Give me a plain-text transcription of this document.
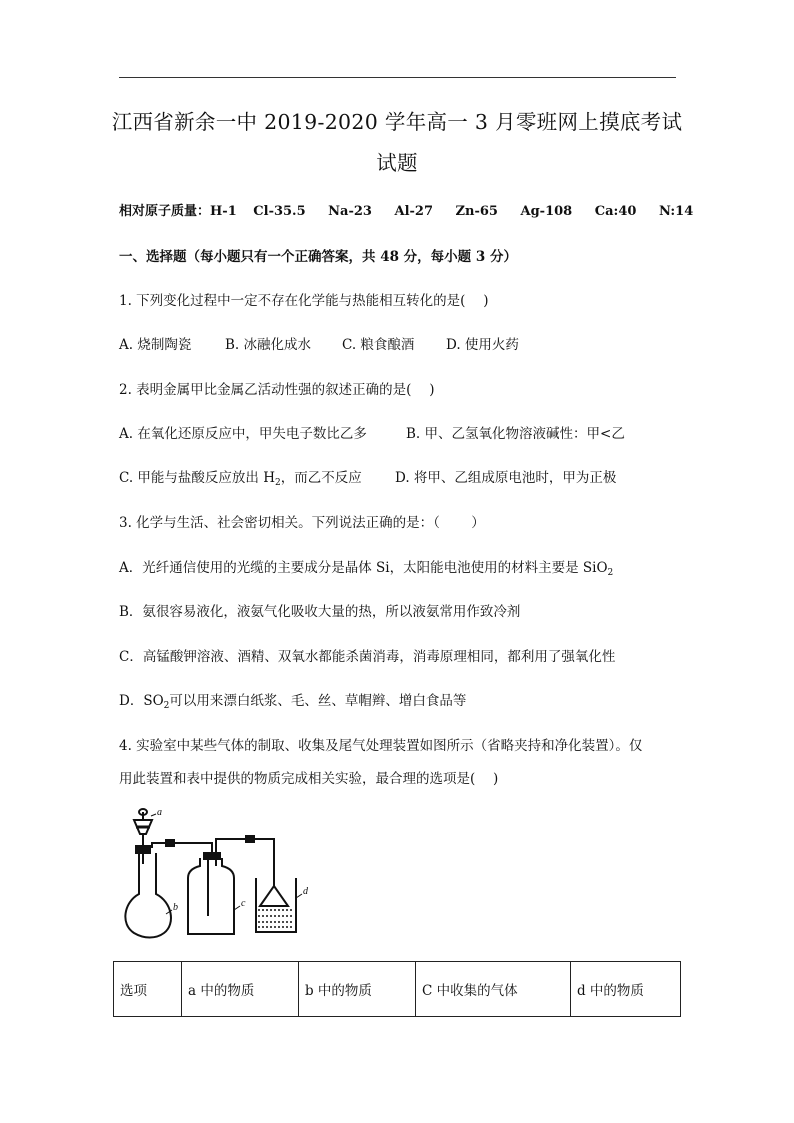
江西省新余一中 2019-2020 学年高一 3 月零班网上摸底考试
试题
相对原子质量：H-1 Cl-35.5 Na-23 Al-27 Zn-65 Ag-108 Ca:40 N:14
一、选择题（每小题只有一个正确答案，共 48 分，每小题 3 分）
1. 下列变化过程中一定不存在化学能与热能相互转化的是(　 )
A. 烧制陶瓷 B. 冰融化成水 C. 粮食酿酒 D. 使用火药
2. 表明金属甲比金属乙活动性强的叙述正确的是(　 )
A. 在氧化还原反应中，甲失电子数比乙多	B. 甲、乙氢氧化物溶液碱性：甲<乙
C. 甲能与盐酸反应放出 $H_2$，而乙不反应 D. 将甲、乙组成原电池时，甲为正极
3. 化学与生活、社会密切相关。下列说法正确的是：（　 　）
A．光纤通信使用的光缆的主要成分是晶体 Si，太阳能电池使用的材料主要是 SiO$_2$
B．氨很容易液化，液氨气化吸收大量的热，所以液氨常用作致冷剂
C．高锰酸钾溶液、酒精、双氧水都能杀菌消毒，消毒原理相同，都利用了强氧化性
D．$SO_2$可以用来漂白纸浆、毛、丝、草帽辫、增白食品等
4. 实验室中某些气体的制取、收集及尾气处理装置如图所示（省略夹持和净化装置）。仅
用此装置和表中提供的物质完成相关实验，最合理的选项是(　 )
a
b	c
d
选项	a 中的物质	b 中的物质	C 中收集的气体	d 中的物质
